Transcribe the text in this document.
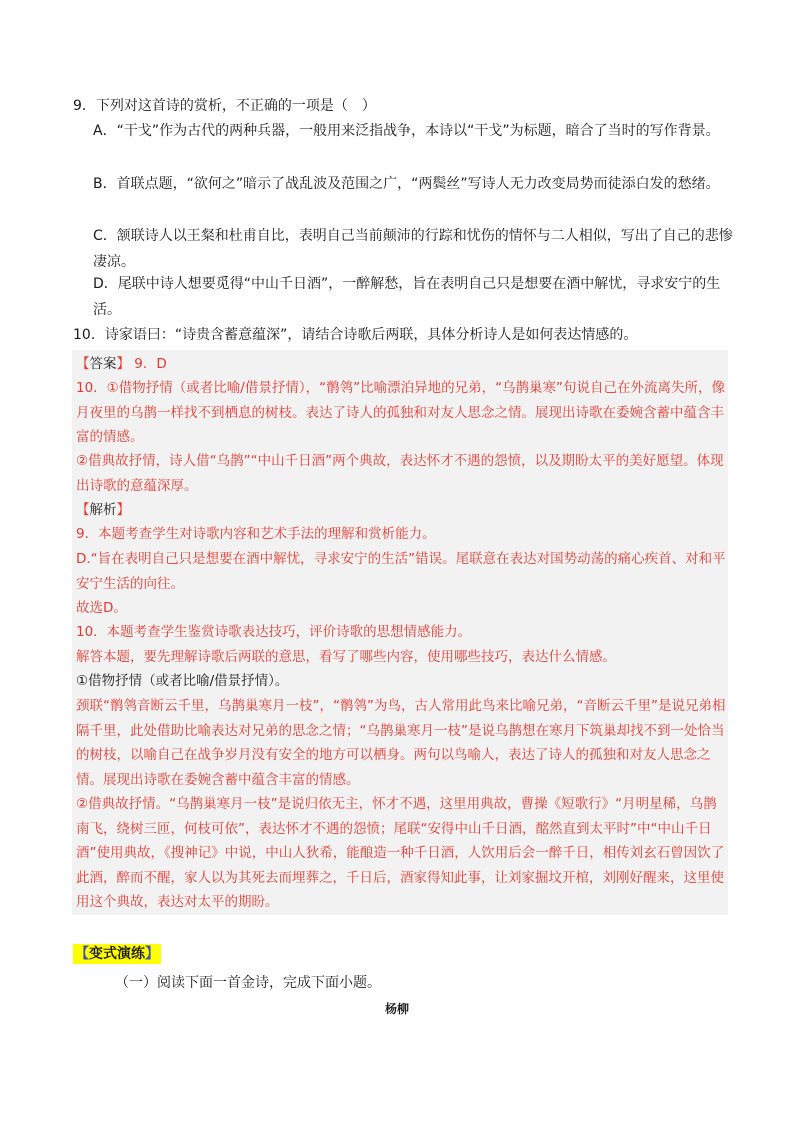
9．下列对这首诗的赏析，不正确的一项是（　）
A．“干戈”作为古代的两种兵器，一般用来泛指战争，本诗以“干戈”为标题，暗合了当时的写作背景。
B．首联点题，“欲何之”暗示了战乱波及范围之广，“两鬓丝”写诗人无力改变局势而徒添白发的愁绪。
C．颔联诗人以王粲和杜甫自比，表明自己当前颠沛的行踪和忧伤的情怀与二人相似，写出了自己的悲惨凄凉。
D．尾联中诗人想要觅得“中山千日酒”，一醉解愁，旨在表明自己只是想要在酒中解忧，寻求安宁的生活。
10．诗家语曰：“诗贵含蓄意蕴深”，请结合诗歌后两联，具体分析诗人是如何表达情感的。
【答案】 9．D
10．①借物抒情（或者比喻/借景抒情），“鹡鸰”比喻漂泊异地的兄弟，“乌鹊巢寒”句说自己在外流离失所，像月夜里的乌鹊一样找不到栖息的树枝。表达了诗人的孤独和对友人思念之情。展现出诗歌在委婉含蓄中蕴含丰富的情感。
②借典故抒情，诗人借“乌鹊”“中山千日酒”两个典故，表达怀才不遇的怨愤，以及期盼太平的美好愿望。体现出诗歌的意蕴深厚。
【解析】
9．本题考查学生对诗歌内容和艺术手法的理解和赏析能力。
D.“旨在表明自己只是想要在酒中解忧，寻求安宁的生活”错误。尾联意在表达对国势动荡的痛心疾首、对和平安宁生活的向往。
故选D。
10．本题考查学生鉴赏诗歌表达技巧，评价诗歌的思想情感能力。
解答本题，要先理解诗歌后两联的意思，看写了哪些内容，使用哪些技巧，表达什么情感。
①借物抒情（或者比喻/借景抒情）。
颈联“鹡鸰音断云千里，乌鹊巢寒月一枝”，“鹡鸰”为鸟，古人常用此鸟来比喻兄弟，“音断云千里”是说兄弟相隔千里，此处借助比喻表达对兄弟的思念之情；“乌鹊巢寒月一枝”是说乌鹊想在寒月下筑巢却找不到一处恰当的树枝，以喻自己在战争岁月没有安全的地方可以栖身。两句以鸟喻人，表达了诗人的孤独和对友人思念之情。展现出诗歌在委婉含蓄中蕴含丰富的情感。
②借典故抒情。“乌鹊巢寒月一枝”是说归依无主，怀才不遇，这里用典故，曹操《短歌行》“月明星稀，乌鹊南飞，绕树三匝，何枝可依”，表达怀才不遇的怨愤；尾联“安得中山千日酒，酩然直到太平时”中“中山千日酒”使用典故，《搜神记》中说，中山人狄希，能酿造一种千日酒，人饮用后会一醉千日，相传刘玄石曾因饮了此酒，醉而不醒，家人以为其死去而埋葬之，千日后，酒家得知此事，让刘家掘坟开棺，刘刚好醒来，这里使用这个典故，表达对太平的期盼。
【变式演练】
（一）阅读下面一首金诗，完成下面小题。
杨柳
